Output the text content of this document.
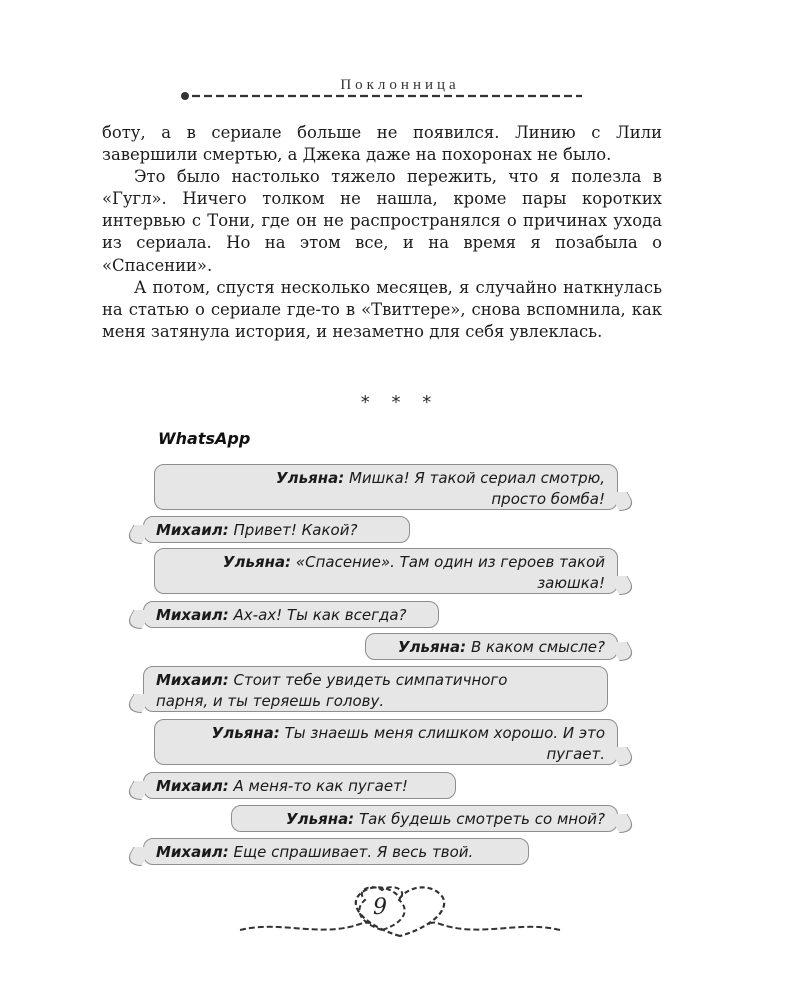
Поклонница

боту, а в сериале больше не появился. Линию с Лили завершили смертью, а Джека даже на похоронах не было.

Это было настолько тяжело пережить, что я полезла в «Гугл». Ничего толком не нашла, кроме пары коротких интервью с Тони, где он не распространялся о причинах ухода из сериала. Но на этом все, и на время я позабыла о «Спасении».

А потом, спустя несколько месяцев, я случайно наткнулась на статью о сериале где-то в «Твиттере», снова вспомнила, как меня затянула история, и незаметно для себя увлеклась.

* * *
WhatsApp
Ульяна: Мишка! Я такой сериал смотрю,
просто бомба!
Михаил: Привет! Какой?
Ульяна: «Спасение». Там один из героев такой
заюшка!
Михаил: Ах-ах! Ты как всегда?
Ульяна: В каком смысле?
Михаил: Стоит тебе увидеть симпатичного
парня, и ты теряешь голову.
Ульяна: Ты знаешь меня слишком хорошо. И это
пугает.
Михаил: А меня-то как пугает!
Ульяна: Так будешь смотреть со мной?
Михаил: Еще спрашивает. Я весь твой.
9
